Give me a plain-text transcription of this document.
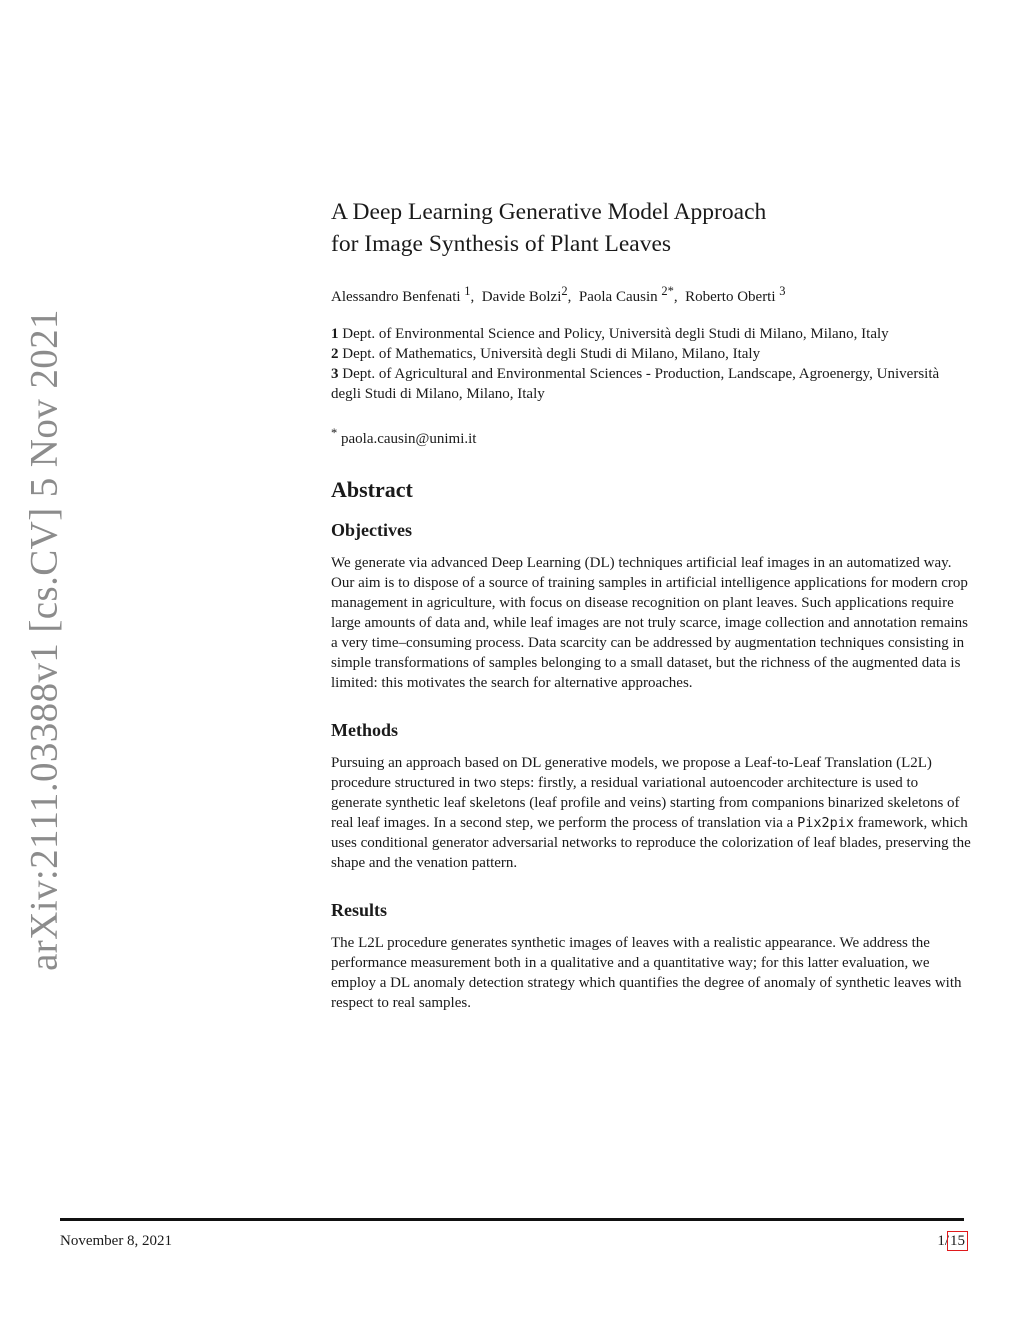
arXiv:2111.03388v1 [cs.CV] 5 Nov 2021
A Deep Learning Generative Model Approach
for Image Synthesis of Plant Leaves
Alessandro Benfenati $^1$,  Davide Bolzi$^2$,  Paola Causin $^{2*}$,  Roberto Oberti $^3$
1 Dept. of Environmental Science and Policy, Università degli Studi di Milano, Milano, Italy
2 Dept. of Mathematics, Università degli Studi di Milano, Milano, Italy
3 Dept. of Agricultural and Environmental Sciences - Production, Landscape, Agroenergy, Università degli Studi di Milano, Milano, Italy
* paola.causin@unimi.it
Abstract
Objectives

We generate via advanced Deep Learning (DL) techniques artificial leaf images in an automatized way. Our aim is to dispose of a source of training samples in artificial intelligence applications for modern crop management in agriculture, with focus on disease recognition on plant leaves. Such applications require large amounts of data and, while leaf images are not truly scarce, image collection and annotation remains a very time–consuming process. Data scarcity can be addressed by augmentation techniques consisting in simple transformations of samples belonging to a small dataset, but the richness of the augmented data is limited: this motivates the search for alternative approaches.

Methods

Pursuing an approach based on DL generative models, we propose a Leaf-to-Leaf Translation (L2L) procedure structured in two steps: firstly, a residual variational autoencoder architecture is used to generate synthetic leaf skeletons (leaf profile and veins) starting from companions binarized skeletons of real leaf images. In a second step, we perform the process of translation via a Pix2pix framework, which uses conditional generator adversarial networks to reproduce the colorization of leaf blades, preserving the shape and the venation pattern.

Results

The L2L procedure generates synthetic images of leaves with a realistic appearance. We address the performance measurement both in a qualitative and a quantitative way; for this latter evaluation, we employ a DL anomaly detection strategy which quantifies the degree of anomaly of synthetic leaves with respect to real samples.

November 8, 2021	1/15
